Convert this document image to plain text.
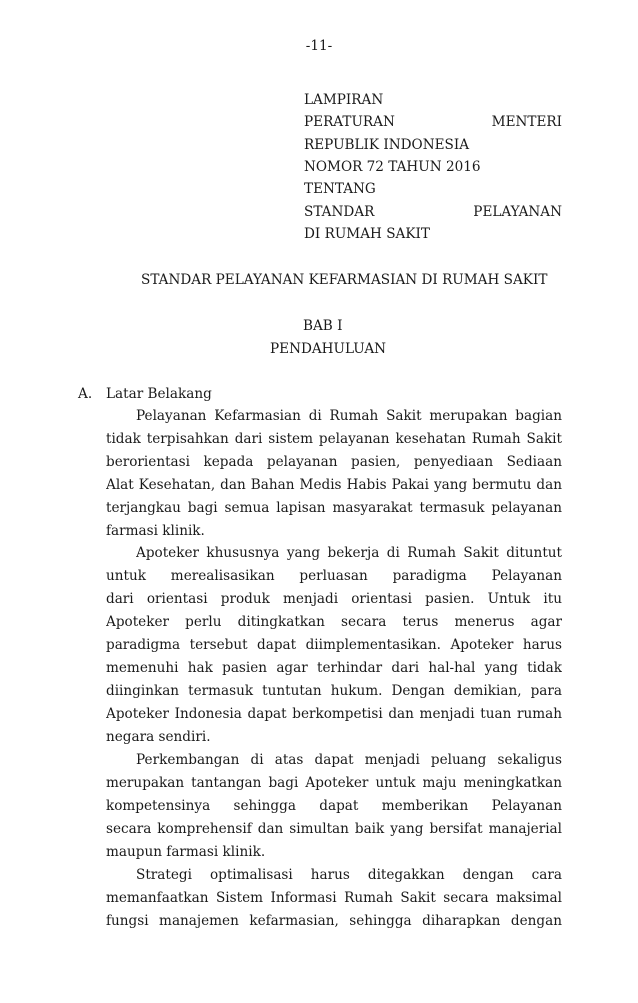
-11-
LAMPIRAN
PERATURAN MENTERI
REPUBLIK INDONESIA
NOMOR 72 TAHUN 2016
TENTANG
STANDAR PELAYANAN
DI RUMAH SAKIT
STANDAR PELAYANAN KEFARMASIAN DI RUMAH SAKIT
BAB I
PENDAHULUAN
A. Latar Belakang
Pelayanan Kefarmasian di Rumah Sakit merupakan bagian
tidak terpisahkan dari sistem pelayanan kesehatan Rumah Sakit
berorientasi kepada pelayanan pasien, penyediaan Sediaan
Alat Kesehatan, dan Bahan Medis Habis Pakai yang bermutu dan
terjangkau bagi semua lapisan masyarakat termasuk pelayanan
farmasi klinik.
Apoteker khususnya yang bekerja di Rumah Sakit dituntut
untuk merealisasikan perluasan paradigma Pelayanan
dari orientasi produk menjadi orientasi pasien. Untuk itu
Apoteker perlu ditingkatkan secara terus menerus agar
paradigma tersebut dapat diimplementasikan. Apoteker harus
memenuhi hak pasien agar terhindar dari hal-hal yang tidak
diinginkan termasuk tuntutan hukum. Dengan demikian, para
Apoteker Indonesia dapat berkompetisi dan menjadi tuan rumah
negara sendiri.
Perkembangan di atas dapat menjadi peluang sekaligus
merupakan tantangan bagi Apoteker untuk maju meningkatkan
kompetensinya sehingga dapat memberikan Pelayanan
secara komprehensif dan simultan baik yang bersifat manajerial
maupun farmasi klinik.
Strategi optimalisasi harus ditegakkan dengan cara
memanfaatkan Sistem Informasi Rumah Sakit secara maksimal
fungsi manajemen kefarmasian, sehingga diharapkan dengan
